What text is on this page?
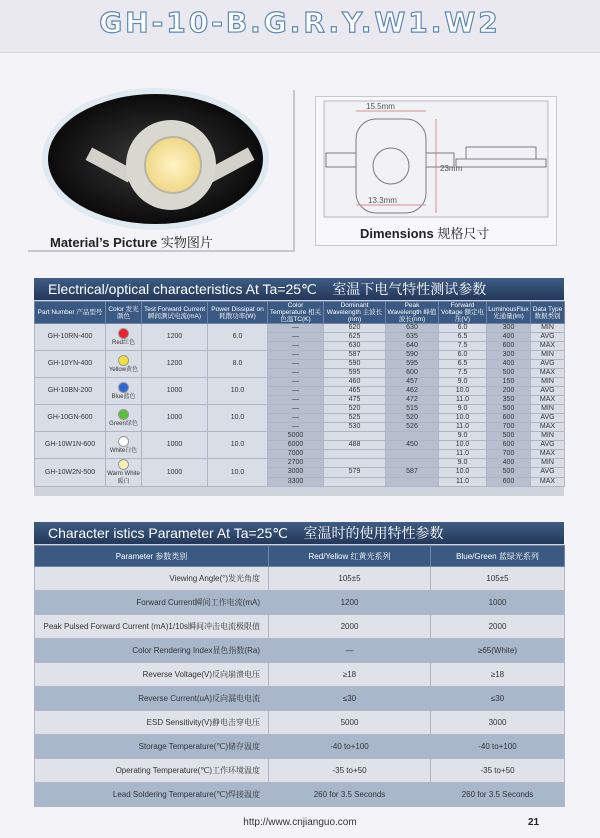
GH-10-B.G.R.Y.W1.W2
Material’s Picture 实物图片
15.5mm
13.3mm
23mm
Dimensions 规格尺寸
Electrical/optical characteristics At Ta=25℃ 室温下电气特性测试参数
Part Number 产品型号	Color 发光颜色	Test Forward Current 瞬间测试电流(mA)	Power Dissipat on 耗散功率(W)	Color Temperature 相关色温TC(K)	Dominant Wavelength 主波长(nm)	Peak Wavelength 峰值波长(nm)	Forward Voltage 额定电压(V)	LuminousFlux 光通量(lm)	Data Type 数据类别
GH-10RN-400	Red红色	1200	6.0	—	620	630	6.0	300	MIN
				—	625	635	6.5	400	AVG
				—	630	640	7.5	600	MAX
GH-10YN-400	Yellow黄色	1200	8.0	—	587	590	6.0	300	MIN
				—	590	595	6.5	400	AVG
				—	595	600	7.5	500	MAX
GH-10BN-200	Blue蓝色	1000	10.0	—	460	457	9.0	150	MIN
				—	465	462	10.0	200	AVG
				—	475	472	11.0	350	MAX
GH-10GN-600	Green绿色	1000	10.0	—	520	515	9.0	500	MIN
				—	525	520	10.0	600	AVG
				—	530	526	11.0	700	MAX
GH-10W1N-600	White白色	1000	10.0	5000			9.0	500	MIN
				6000	488	450	10.0	600	AVG
				7000			11.0	700	MAX
GH-10W2N-500	Warm White暖白	1000	10.0	2700			9.0	400	MIN
				3000	579	587	10.0	500	AVG
				3300			11.0	600	MAX
Character istics Parameter At Ta=25℃ 室温时的使用特性参数
Parameter 参数类别	Red/Yellow 红黄光系列	Blue/Green 蓝绿光系列
Viewing Angle(°)发光角度	105±5	105±5
Forward Current瞬间工作电流(mA)	1200	1000
Peak Pulsed Forward Current (mA)1/10s瞬间冲击电流极限值	2000	2000
Color Rendering Index显色指数(Ra)	—	≥65(White)
Reverse Voltage(V)反向崩溃电压	≥18	≥18
Reverse Current(uA)反向漏电电流	≤30	≤30
ESD Sensitivity(V)静电击穿电压	5000	3000
Storage Temperature(℃)储存温度	-40 to+100	-40 to+100
Operating Temperature(℃)工作环境温度	-35 to+50	-35 to+50
Lead Soldering Temperature(℃)焊接温度	260 for 3.5 Seconds	260 for 3.5 Seconds
http://www.cnjianguo.com	21
